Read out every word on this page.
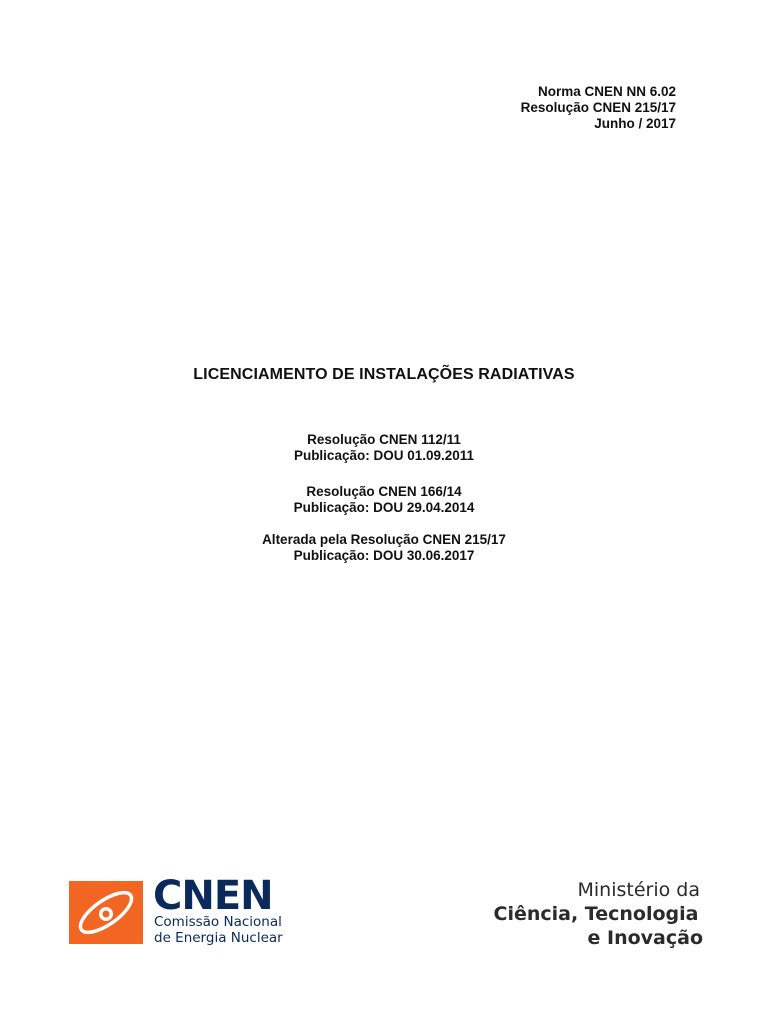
Norma CNEN NN 6.02
Resolução CNEN 215/17
Junho / 2017
LICENCIAMENTO DE INSTALAÇÕES RADIATIVAS
Resolução CNEN 112/11
Publicação: DOU 01.09.2011
Resolução CNEN 166/14
Publicação: DOU 29.04.2014
Alterada pela Resolução CNEN 215/17
Publicação: DOU 30.06.2017
CNEN
Comissão Nacional
de Energia Nuclear
Ministério da
Ciência, Tecnologia
e Inovação
